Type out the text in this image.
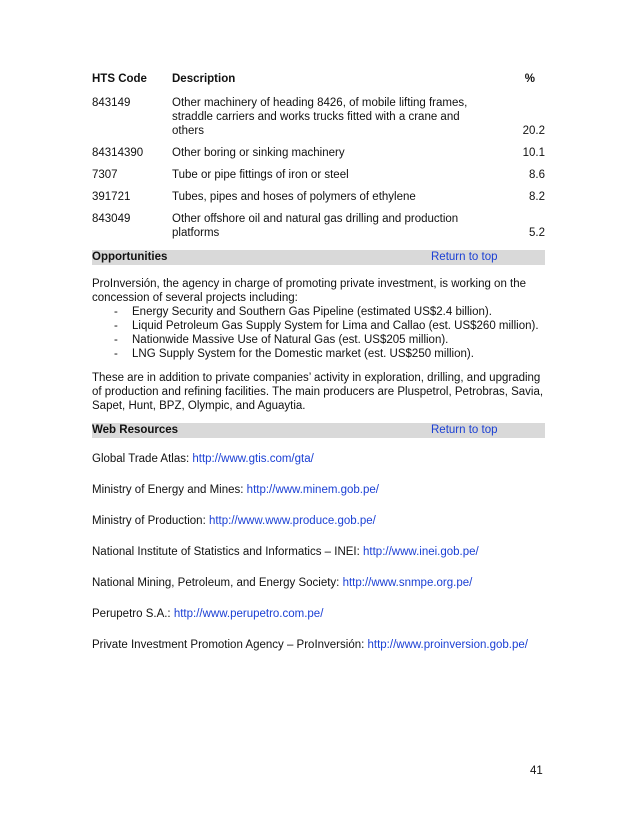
HTS Code	Description	%
843149	Other machinery of heading 8426, of mobile lifting frames, straddle carriers and works trucks fitted with a crane and others	20.2
84314390	Other boring or sinking machinery	10.1
7307	Tube or pipe fittings of iron or steel	8.6
391721	Tubes, pipes and hoses of polymers of ethylene	8.2
843049	Other offshore oil and natural gas drilling and production platforms	5.2
Opportunities	Return to top

ProInversión, the agency in charge of promoting private investment, is working on the concession of several projects including:

- Energy Security and Southern Gas Pipeline (estimated US$2.4 billion).
- Liquid Petroleum Gas Supply System for Lima and Callao (est. US$260 million).
- Nationwide Massive Use of Natural Gas (est. US$205 million).
- LNG Supply System for the Domestic market (est. US$250 million).

These are in addition to private companies’ activity in exploration, drilling, and upgrading of production and refining facilities. The main producers are Pluspetrol, Petrobras, Savia, Sapet, Hunt, BPZ, Olympic, and Aguaytia.

Web Resources	Return to top
Global Trade Atlas: http://www.gtis.com/gta/
Ministry of Energy and Mines: http://www.minem.gob.pe/
Ministry of Production: http://www.www.produce.gob.pe/
National Institute of Statistics and Informatics – INEI: http://www.inei.gob.pe/
National Mining, Petroleum, and Energy Society: http://www.snmpe.org.pe/
Perupetro S.A.: http://www.perupetro.com.pe/
Private Investment Promotion Agency – ProInversión: http://www.proinversion.gob.pe/
41
